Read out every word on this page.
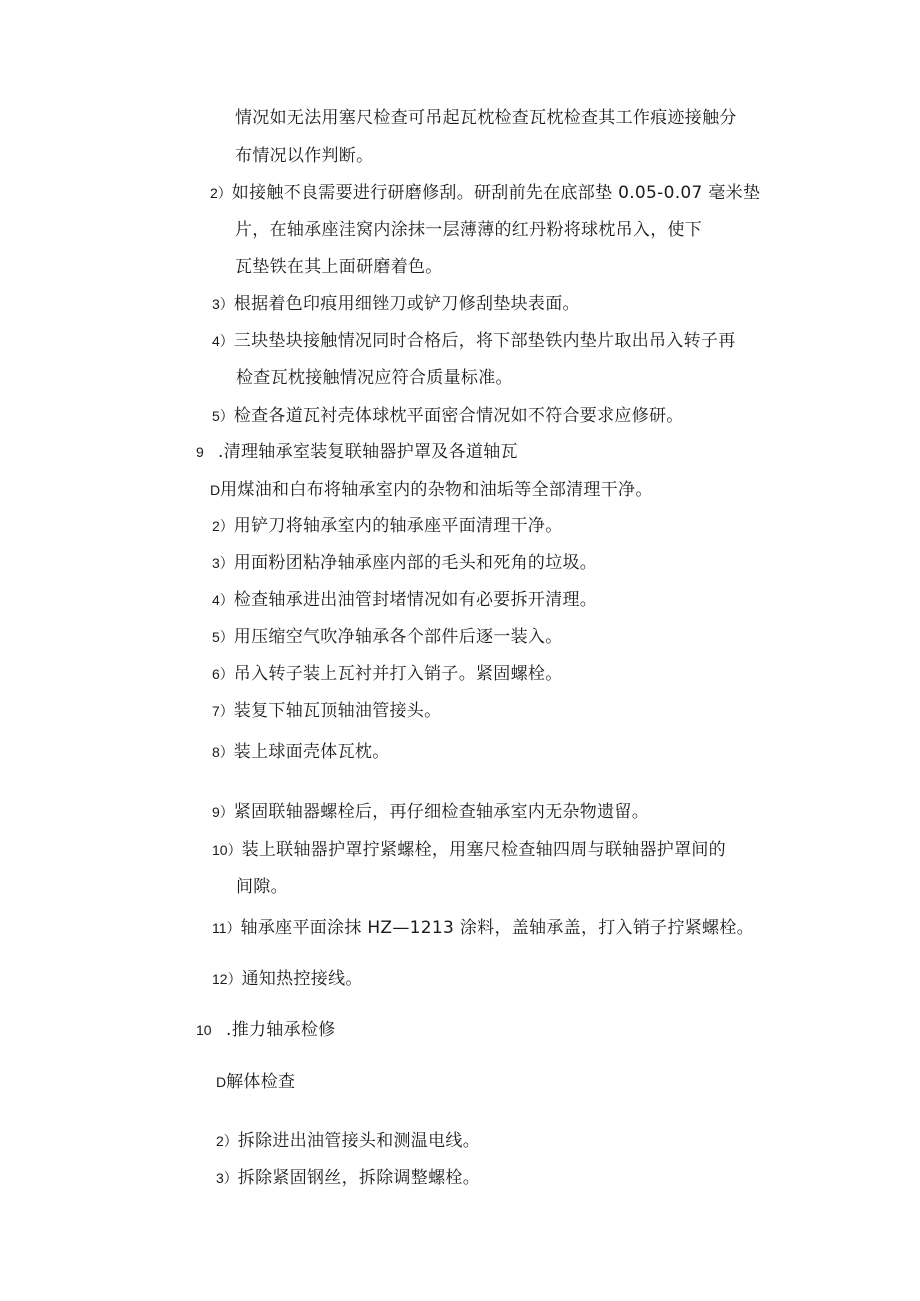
情况如无法用塞尺检查可吊起瓦枕检查瓦枕检查其工作痕迹接触分
布情况以作判断。
2）如接触不良需要进行研磨修刮。研刮前先在底部垫 0.05-0.07 毫米垫
片，在轴承座洼窝内涂抹一层薄薄的红丹粉将球枕吊入，使下
瓦垫铁在其上面研磨着色。
3）根据着色印痕用细锉刀或铲刀修刮垫块表面。
4）三块垫块接触情况同时合格后，将下部垫铁内垫片取出吊入转子再
检查瓦枕接触情况应符合质量标准。
5）检查各道瓦衬壳体球枕平面密合情况如不符合要求应修研。
9 .清理轴承室装复联轴器护罩及各道轴瓦
D用煤油和白布将轴承室内的杂物和油垢等全部清理干净。
2）用铲刀将轴承室内的轴承座平面清理干净。
3）用面粉团粘净轴承座内部的毛头和死角的垃圾。
4）检查轴承进出油管封堵情况如有必要拆开清理。
5）用压缩空气吹净轴承各个部件后逐一装入。
6）吊入转子装上瓦衬并打入销子。紧固螺栓。
7）装复下轴瓦顶轴油管接头。
8）装上球面壳体瓦枕。
9）紧固联轴器螺栓后，再仔细检查轴承室内无杂物遗留。
10）装上联轴器护罩拧紧螺栓，用塞尺检查轴四周与联轴器护罩间的
间隙。
11）轴承座平面涂抹 HZ—1213 涂料，盖轴承盖，打入销子拧紧螺栓。
12）通知热控接线。
10 .推力轴承检修
D解体检查
2）拆除进出油管接头和测温电线。
3）拆除紧固钢丝，拆除调整螺栓。
